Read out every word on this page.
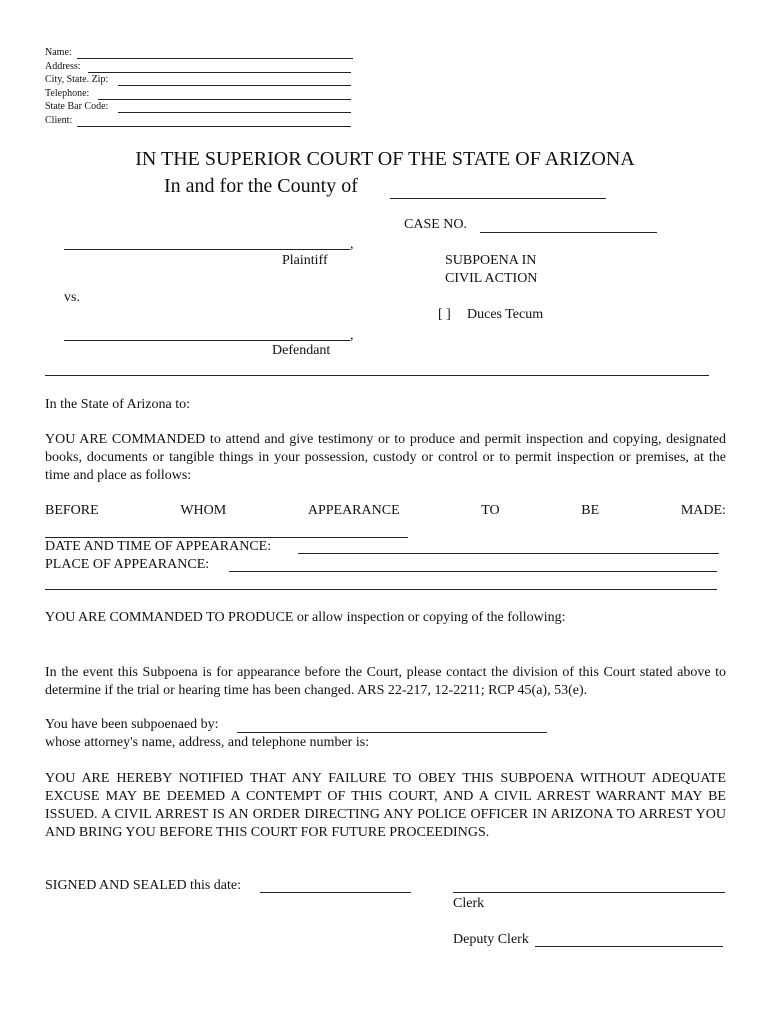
Name:
Address:
City, State. Zip:
Telephone:
State Bar Code:
Client:
IN THE SUPERIOR COURT OF THE STATE OF ARIZONA
In and for the County of
CASE NO.
,
Plaintiff	SUBPOENA IN
CIVIL ACTION
vs.
[ ] Duces Tecum
,
Defendant
In the State of Arizona to:
YOU ARE COMMANDED to attend and give testimony or to produce and permit inspection and copying, designated books, documents or tangible things in your possession, custody or control or to permit inspection or premises, at the time and place as follows:
BEFORE	WHOM	APPEARANCE	TO	BE	MADE:
DATE AND TIME OF APPEARANCE:
PLACE OF APPEARANCE:
YOU ARE COMMANDED TO PRODUCE or allow inspection or copying of the following:
In the event this Subpoena is for appearance before the Court, please contact the division of this Court stated above to determine if the trial or hearing time has been changed. ARS 22-217, 12-2211; RCP 45(a), 53(e).
You have been subpoenaed by:
whose attorney's name, address, and telephone number is:
YOU ARE HEREBY NOTIFIED THAT ANY FAILURE TO OBEY THIS SUBPOENA WITHOUT ADEQUATE EXCUSE MAY BE DEEMED A CONTEMPT OF THIS COURT, AND A CIVIL ARREST WARRANT MAY BE ISSUED. A CIVIL ARREST IS AN ORDER DIRECTING ANY POLICE OFFICER IN ARIZONA TO ARREST YOU AND BRING YOU BEFORE THIS COURT FOR FUTURE PROCEEDINGS.
SIGNED AND SEALED this date:
Clerk
Deputy Clerk
